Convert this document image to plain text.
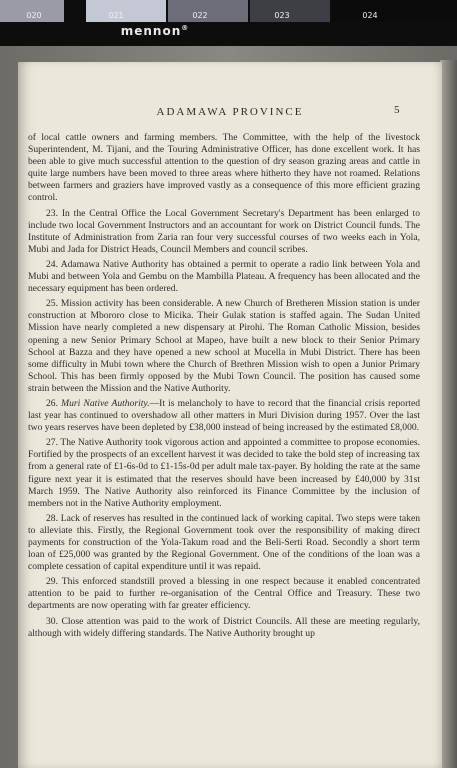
020	021	022	023	024
mennon®
ADAMAWA PROVINCE	5

of local cattle owners and farming members. The Committee, with the help of the livestock Superintendent, M. Tijani, and the Touring Administrative Officer, has done excellent work. It has been able to give much successful attention to the question of dry season grazing areas and cattle in quite large numbers have been moved to three areas where hitherto they have not roamed. Relations between farmers and graziers have improved vastly as a consequence of this more efficient grazing control.

23. In the Central Office the Local Government Secretary's Department has been enlarged to include two local Government Instructors and an accountant for work on District Council funds. The Institute of Administration from Zaria ran four very successful courses of two weeks each in Yola, Mubi and Jada for District Heads, Council Members and council scribes.

24. Adamawa Native Authority has obtained a permit to operate a radio link between Yola and Mubi and between Yola and Gembu on the Mambilla Plateau. A frequency has been allocated and the necessary equipment has been ordered.

25. Mission activity has been considerable. A new Church of Bretheren Mission station is under construction at Mbororo close to Micika. Their Gulak station is staffed again. The Sudan United Mission have nearly completed a new dispensary at Pirohi. The Roman Catholic Mission, besides opening a new Senior Primary School at Mapeo, have built a new block to their Senior Primary School at Bazza and they have opened a new school at Mucella in Mubi District. There has been some difficulty in Mubi town where the Church of Brethren Mission wish to open a Junior Primary School. This has been firmly opposed by the Mubi Town Council. The position has caused some strain between the Mission and the Native Authority.

26. Muri Native Authority.—It is melancholy to have to record that the financial crisis reported last year has continued to overshadow all other matters in Muri Division during 1957. Over the last two years reserves have been depleted by £38,000 instead of being increased by the estimated £8,000.

27. The Native Authority took vigorous action and appointed a committee to propose economies. Fortified by the prospects of an excellent harvest it was decided to take the bold step of increasing tax from a general rate of £1-6s-0d to £1-15s-0d per adult male tax-payer. By holding the rate at the same figure next year it is estimated that the reserves should have been increased by £40,000 by 31st March 1959. The Native Authority also reinforced its Finance Committee by the inclusion of members not in the Native Authority employment.

28. Lack of reserves has resulted in the continued lack of working capital. Two steps were taken to alleviate this. Firstly, the Regional Government took over the responsibility of making direct payments for construction of the Yola-Takum road and the Beli-Serti Road. Secondly a short term loan of £25,000 was granted by the Regional Government. One of the conditions of the loan was a complete cessation of capital expenditure until it was repaid.

29. This enforced standstill proved a blessing in one respect because it enabled concentrated attention to be paid to further re-organisation of the Central Office and Treasury. These two departments are now operating with far greater efficiency.

30. Close attention was paid to the work of District Councils. All these are meeting regularly, although with widely differing standards. The Native Authority brought up
